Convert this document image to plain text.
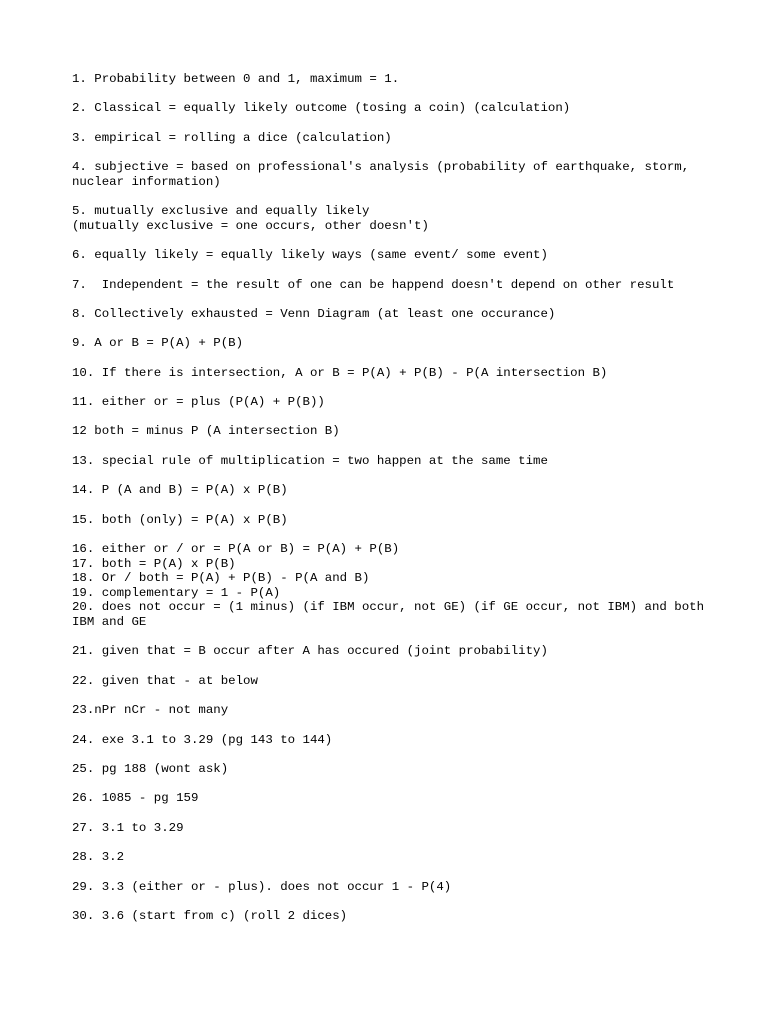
1. Probability between 0 and 1, maximum = 1.
2. Classical = equally likely outcome (tosing a coin) (calculation)
3. empirical = rolling a dice (calculation)
4. subjective = based on professional's analysis (probability of earthquake, storm, nuclear information)
5. mutually exclusive and equally likely
(mutually exclusive = one occurs, other doesn't)
6. equally likely = equally likely ways (same event/ some event)
7.  Independent = the result of one can be happend doesn't depend on other result
8. Collectively exhausted = Venn Diagram (at least one occurance)
9. A or B = P(A) + P(B)
10. If there is intersection, A or B = P(A) + P(B) - P(A intersection B)
11. either or = plus (P(A) + P(B))
12 both = minus P (A intersection B)
13. special rule of multiplication = two happen at the same time
14. P (A and B) = P(A) x P(B)
15. both (only) = P(A) x P(B)
16. either or / or = P(A or B) = P(A) + P(B)
17. both = P(A) x P(B)
18. Or / both = P(A) + P(B) - P(A and B)
19. complementary = 1 - P(A)
20. does not occur = (1 minus) (if IBM occur, not GE) (if GE occur, not IBM) and both IBM and GE
21. given that = B occur after A has occured (joint probability)
22. given that - at below
23.nPr nCr - not many
24. exe 3.1 to 3.29 (pg 143 to 144)
25. pg 188 (wont ask)
26. 1085 - pg 159
27. 3.1 to 3.29
28. 3.2
29. 3.3 (either or - plus). does not occur 1 - P(4)
30. 3.6 (start from c) (roll 2 dices)
